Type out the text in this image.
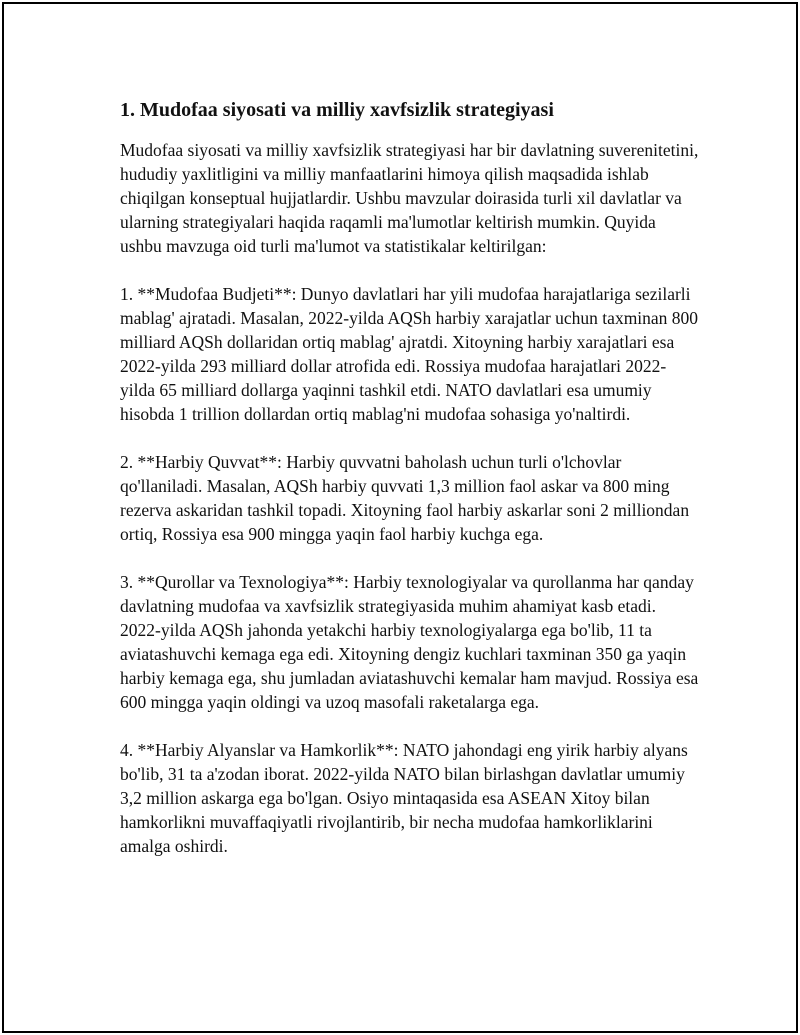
1. Mudofaa siyosati va milliy xavfsizlik strategiyasi

Mudofaa siyosati va milliy xavfsizlik strategiyasi har bir davlatning suverenitetini, hududiy yaxlitligini va milliy manfaatlarini himoya qilish maqsadida ishlab chiqilgan konseptual hujjatlardir. Ushbu mavzular doirasida turli xil davlatlar va ularning strategiyalari haqida raqamli ma'lumotlar keltirish mumkin. Quyida ushbu mavzuga oid turli ma'lumot va statistikalar keltirilgan:

1. **Mudofaa Budjeti**: Dunyo davlatlari har yili mudofaa harajatlariga sezilarli mablag' ajratadi. Masalan, 2022-yilda AQSh harbiy xarajatlar uchun taxminan 800 milliard AQSh dollaridan ortiq mablag' ajratdi. Xitoyning harbiy xarajatlari esa 2022-yilda 293 milliard dollar atrofida edi. Rossiya mudofaa harajatlari 2022-yilda 65 milliard dollarga yaqinni tashkil etdi. NATO davlatlari esa umumiy hisobda 1 trillion dollardan ortiq mablag'ni mudofaa sohasiga yo'naltirdi.

2. **Harbiy Quvvat**: Harbiy quvvatni baholash uchun turli o'lchovlar qo'llaniladi. Masalan, AQSh harbiy quvvati 1,3 million faol askar va 800 ming rezerva askaridan tashkil topadi. Xitoyning faol harbiy askarlar soni 2 milliondan ortiq, Rossiya esa 900 mingga yaqin faol harbiy kuchga ega.

3. **Qurollar va Texnologiya**: Harbiy texnologiyalar va qurollanma har qanday davlatning mudofaa va xavfsizlik strategiyasida muhim ahamiyat kasb etadi. 2022-yilda AQSh jahonda yetakchi harbiy texnologiyalarga ega bo'lib, 11 ta aviatashuvchi kemaga ega edi. Xitoyning dengiz kuchlari taxminan 350 ga yaqin harbiy kemaga ega, shu jumladan aviatashuvchi kemalar ham mavjud. Rossiya esa 600 mingga yaqin oldingi va uzoq masofali raketalarga ega.

4. **Harbiy Alyanslar va Hamkorlik**: NATO jahondagi eng yirik harbiy alyans bo'lib, 31 ta a'zodan iborat. 2022-yilda NATO bilan birlashgan davlatlar umumiy 3,2 million askarga ega bo'lgan. Osiyo mintaqasida esa ASEAN Xitoy bilan hamkorlikni muvaffaqiyatli rivojlantirib, bir necha mudofaa hamkorliklarini amalga oshirdi.
